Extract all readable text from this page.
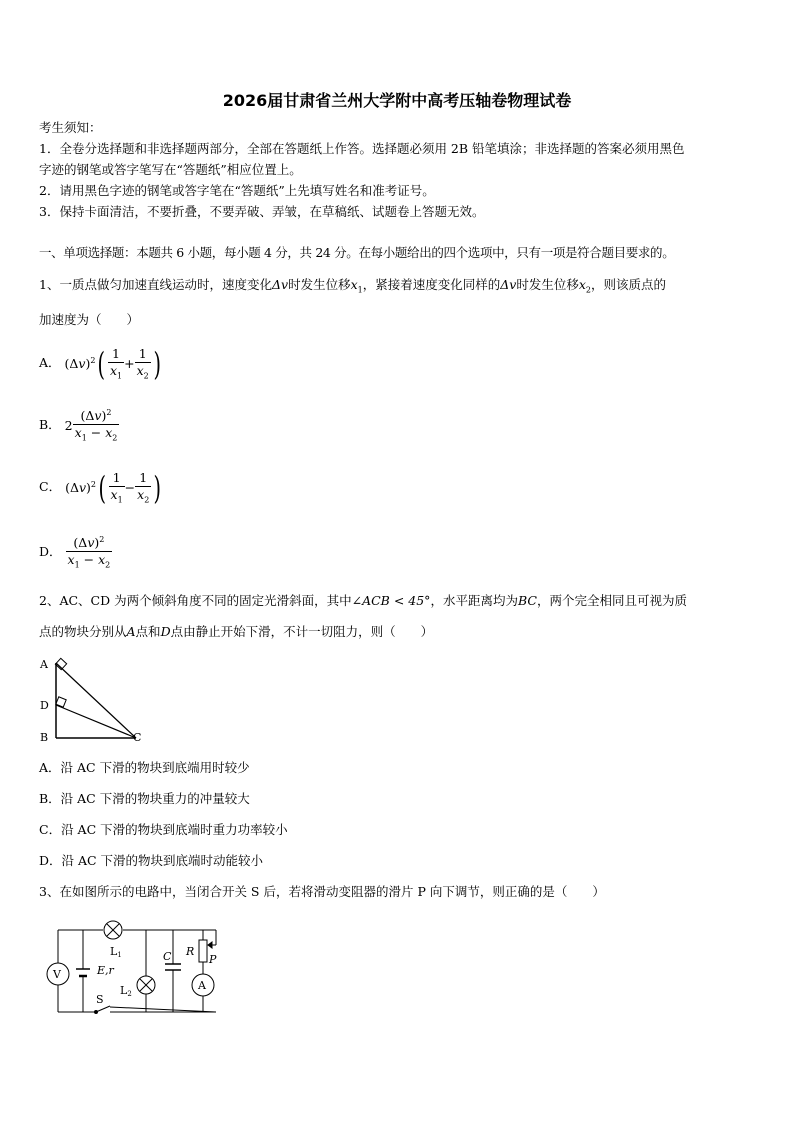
2026届甘肃省兰州大学附中高考压轴卷物理试卷
考生须知：
1．全卷分选择题和非选择题两部分，全部在答题纸上作答。选择题必须用 2B 铅笔填涂；非选择题的答案必须用黑色
字迹的钢笔或答字笔写在“答题纸”相应位置上。
2．请用黑色字迹的钢笔或答字笔在“答题纸”上先填写姓名和准考证号。
3．保持卡面清洁，不要折叠，不要弄破、弄皱，在草稿纸、试题卷上答题无效。
一、单项选择题：本题共 6 小题，每小题 4 分，共 24 分。在每小题给出的四个选项中，只有一项是符合题目要求的。
1、一质点做匀加速直线运动时，速度变化Δv时发生位移$x_1$，紧接着速度变化同样的Δv时发生位移$x_2$，则该质点的
加速度为（　　）
A． $(\Delta v)^2( \frac{1}{x_1} + \frac{1}{x_2}$ )
B． $2 \frac{(\Delta v)^2}{x_1 - x_2}$
C． $(\Delta v)^2( \frac{1}{x_1} - \frac{1}{x_2}$ )
D． $\frac{(\Delta v)^2}{x_1 - x_2}$
2、AC、CD 为两个倾斜角度不同的固定光滑斜面，其中∠ACB < 45°，水平距离均为BC，两个完全相同且可视为质
点的物块分别从A点和D点由静止开始下滑，不计一切阻力，则（　　）
A
D
B	C
A．沿 AC 下滑的物块到底端用时较少
B．沿 AC 下滑的物块重力的冲量较大
C．沿 AC 下滑的物块到底端时重力功率较小
D．沿 AC 下滑的物块到底端时动能较小
3、在如图所示的电路中，当闭合开关 S 后，若将滑动变阻器的滑片 P 向下调节，则正确的是（　　）
V	E,r
S
L1
L2
C R
P
A
